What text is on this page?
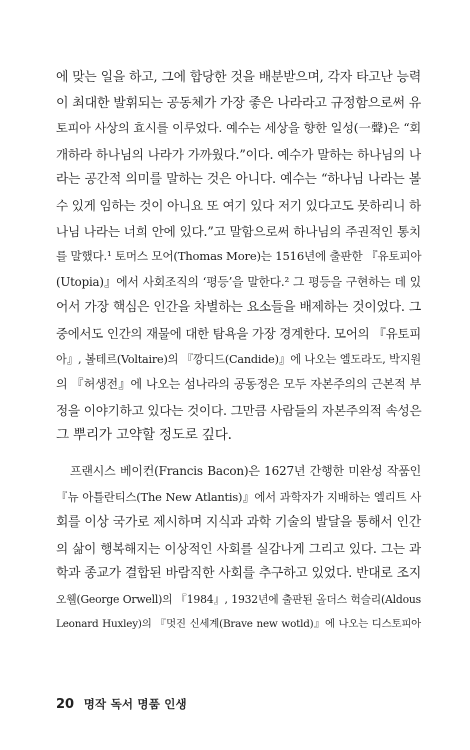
에 맞는 일을 하고, 그에 합당한 것을 배분받으며, 각자 타고난 능력
이 최대한 발휘되는 공동체가 가장 좋은 나라라고 규정함으로써 유
토피아 사상의 효시를 이루었다. 예수는 세상을 향한 일성(一聲)은 “회
개하라 하나님의 나라가 가까웠다.”이다. 예수가 말하는 하나님의 나
라는 공간적 의미를 말하는 것은 아니다. 예수는 “하나님 나라는 볼
수 있게 임하는 것이 아니요 또 여기 있다 저기 있다고도 못하리니 하
나님 나라는 너희 안에 있다.”고 말함으로써 하나님의 주권적인 통치
를 말했다.¹ 토머스 모어(Thomas More)는 1516년에 출판한 『유토피아
(Utopia)』에서 사회조직의 ‘평등’을 말한다.² 그 평등을 구현하는 데 있
어서 가장 핵심은 인간을 차별하는 요소들을 배제하는 것이었다. 그
중에서도 인간의 재물에 대한 탐욕을 가장 경계한다. 모어의 『유토피
아』, 볼테르(Voltaire)의 『깡디드(Candide)』에 나오는 엘도라도, 박지원
의 『허생전』에 나오는 섬나라의 공동정은 모두 자본주의의 근본적 부
정을 이야기하고 있다는 것이다. 그만큼 사람들의 자본주의적 속성은
그 뿌리가 고약할 정도로 깊다.
프랜시스 베이컨(Francis Bacon)은 1627년 간행한 미완성 작품인
『뉴 아틀란티스(The New Atlantis)』에서 과학자가 지배하는 엘리트 사
회를 이상 국가로 제시하며 지식과 과학 기술의 발달을 통해서 인간
의 삶이 행복해지는 이상적인 사회를 실감나게 그리고 있다. 그는 과
학과 종교가 결합된 바람직한 사회를 추구하고 있었다. 반대로 조지
오웰(George Orwell)의 『1984』, 1932년에 출판된 올더스 헉슬리(Aldous
Leonard Huxley)의 『멋진 신세계(Brave new wotld)』에 나오는 디스토피아
20 명작 독서 명품 인생
